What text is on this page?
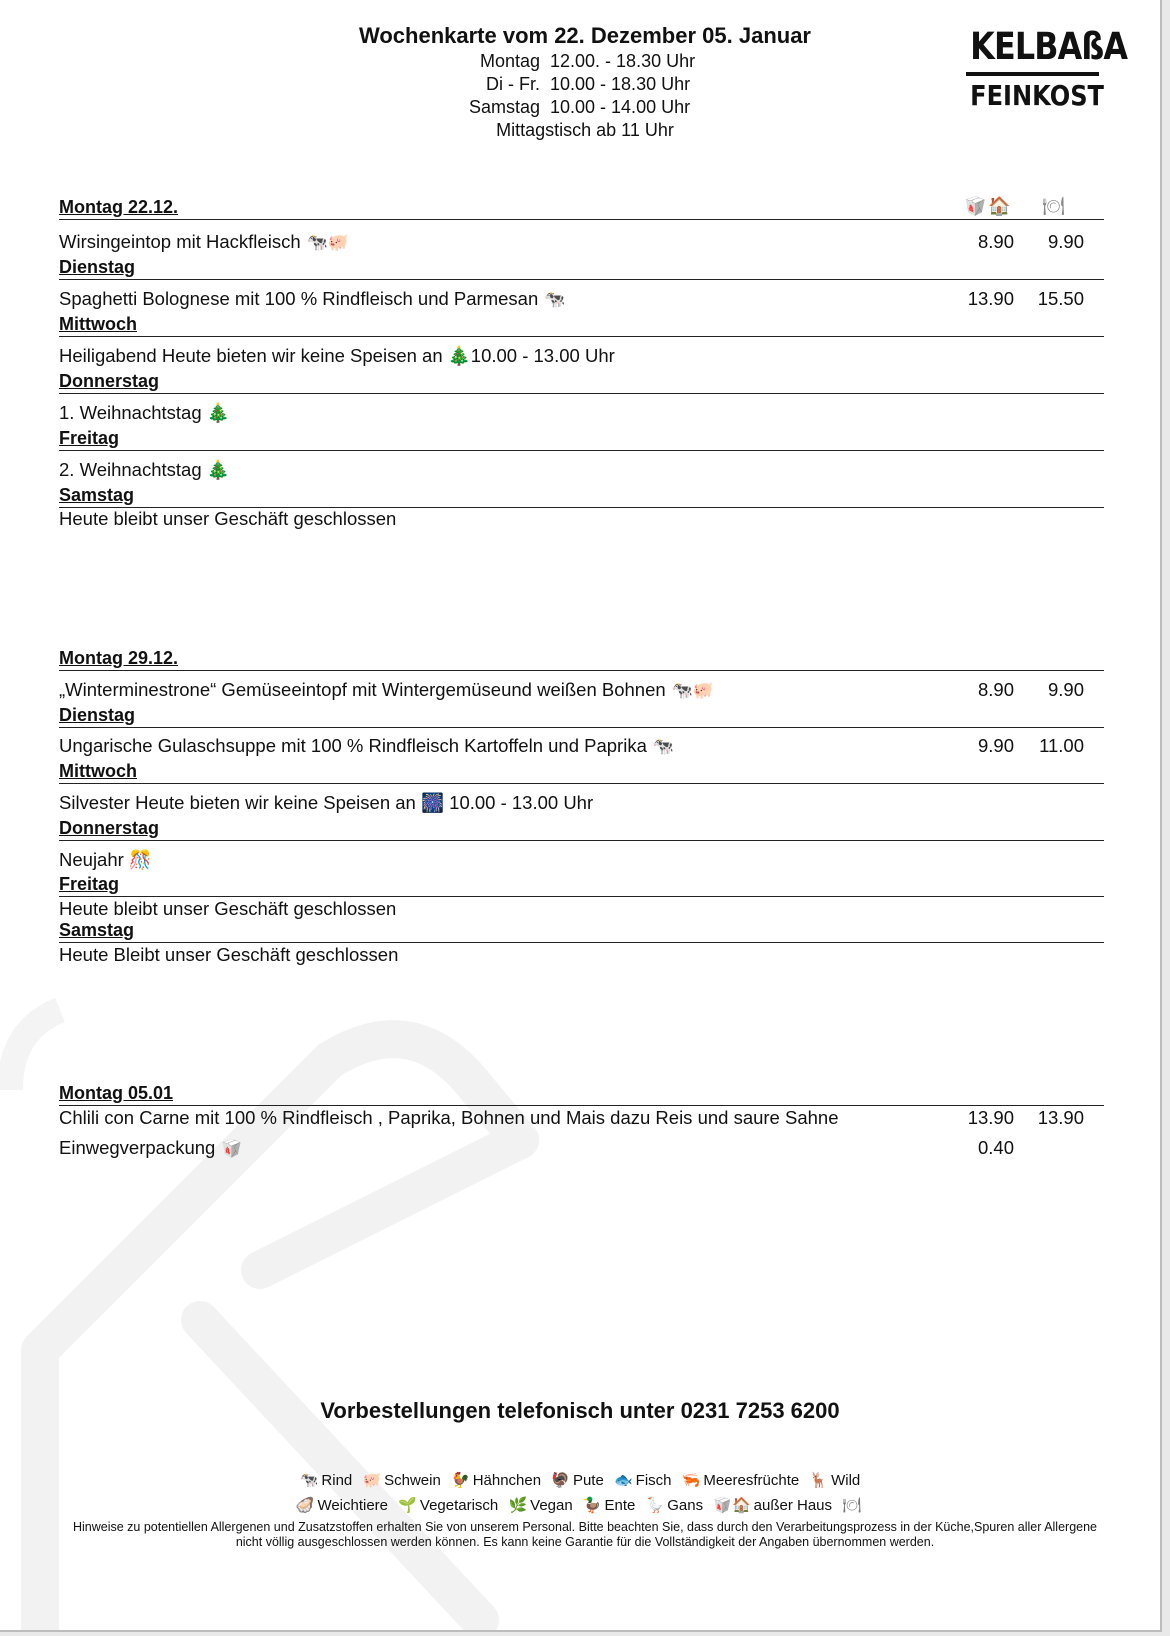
Wochenkarte vom 22. Dezember 05. Januar
Montag 12.00. - 18.30 Uhr
Di - Fr. 10.00 - 18.30 Uhr
Samstag 10.00 - 14.00 Uhr
Mittagstisch ab 11 Uhr
KELBAßA
FEINKOST
🥡 🏠 🍽
Montag 22.12.
Wirsingeintop mit Hackfleisch 🐄🐖	8.90	9.90
Dienstag
Spaghetti Bolognese mit 100 % Rindfleisch und Parmesan 🐄	13.90	15.50
Mittwoch
Heiligabend Heute bieten wir keine Speisen an 🎄10.00 - 13.00 Uhr
Donnerstag
1. Weihnachtstag 🎄
Freitag
2. Weihnachtstag 🎄
Samstag
Heute bleibt unser Geschäft geschlossen
Montag 29.12.
„Winterminestrone“ Gemüseeintopf mit Wintergemüseund weißen Bohnen 🐄🐖	8.90	9.90
Dienstag
Ungarische Gulaschsuppe mit 100 % Rindfleisch Kartoffeln und Paprika 🐄	9.90	11.00
Mittwoch
Silvester Heute bieten wir keine Speisen an 🎆 10.00 - 13.00 Uhr
Donnerstag
Neujahr 🎊
Freitag
Heute bleibt unser Geschäft geschlossen
Samstag
Heute Bleibt unser Geschäft geschlossen
Montag 05.01
Chlili con Carne mit 100 % Rindfleisch , Paprika, Bohnen und Mais dazu Reis und saure Sahne	13.90	13.90
Einwegverpackung 🥡	0.40
Vorbestellungen telefonisch unter 0231 7253 6200
🐄 Rind 🐖 Schwein 🐓 Hähnchen 🦃 Pute 🐟 Fisch 🦐 Meeresfrüchte 🦌 Wild
🦪 Weichtiere 🌱 Vegetarisch 🌿 Vegan 🦆 Ente 🪿 Gans 🥡🏠 außer Haus 🍽
Hinweise zu potentiellen Allergenen und Zusatzstoffen erhalten Sie von unserem Personal. Bitte beachten Sie, dass durch den Verarbeitungsprozess in der Küche,Spuren aller Allergene nicht völlig ausgeschlossen werden können. Es kann keine Garantie für die Vollständigkeit der Angaben übernommen werden.
